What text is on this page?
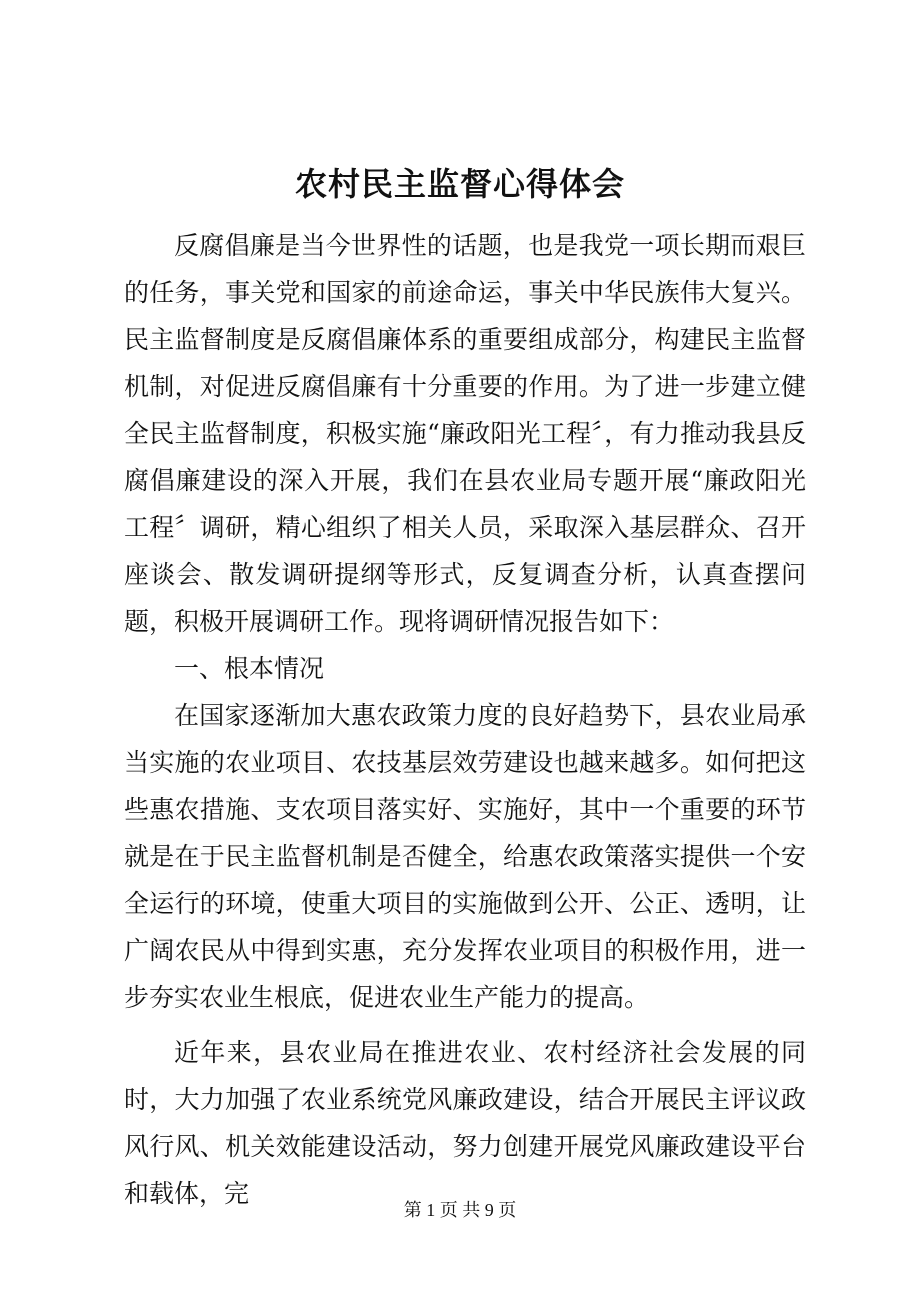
农村民主监督心得体会

反腐倡廉是当今世界性的话题，也是我党一项长期而艰巨的任务，事关党和国家的前途命运，事关中华民族伟大复兴。民主监督制度是反腐倡廉体系的重要组成部分，构建民主监督机制，对促进反腐倡廉有十分重要的作用。为了进一步建立健全民主监督制度，积极实施“廉政阳光工程〞，有力推动我县反腐倡廉建设的深入开展，我们在县农业局专题开展“廉政阳光工程〞调研，精心组织了相关人员，采取深入基层群众、召开座谈会、散发调研提纲等形式，反复调查分析，认真查摆问题，积极开展调研工作。现将调研情况报告如下：

一、根本情况

在国家逐渐加大惠农政策力度的良好趋势下，县农业局承当实施的农业项目、农技基层效劳建设也越来越多。如何把这些惠农措施、支农项目落实好、实施好，其中一个重要的环节就是在于民主监督机制是否健全，给惠农政策落实提供一个安全运行的环境，使重大项目的实施做到公开、公正、透明，让广阔农民从中得到实惠，充分发挥农业项目的积极作用，进一步夯实农业生根底，促进农业生产能力的提高。

近年来，县农业局在推进农业、农村经济社会发展的同时，大力加强了农业系统党风廉政建设，结合开展民主评议政风行风、机关效能建设活动，努力创建开展党风廉政建设平台和载体，完

第 1 页 共 9 页
